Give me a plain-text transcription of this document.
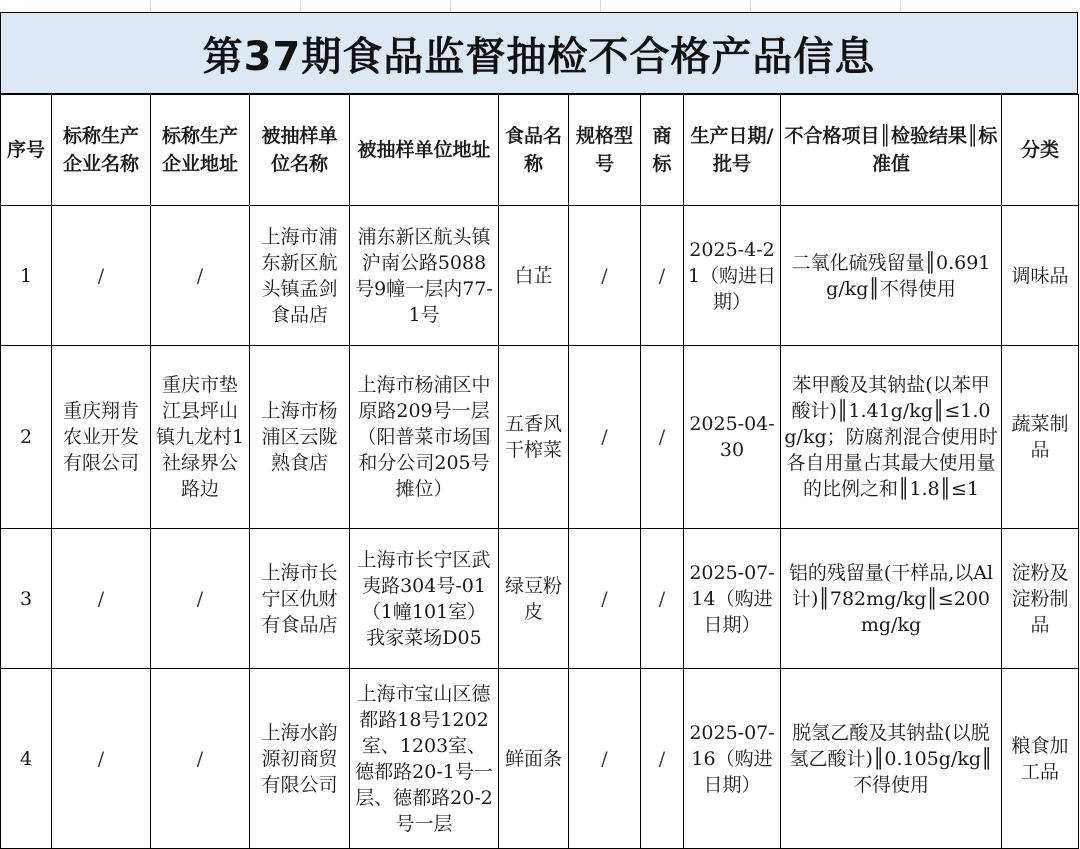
第37期食品监督抽检不合格产品信息
序号	标称生产企业名称	标称生产企业地址	被抽样单位名称	被抽样单位地址	食品名称	规格型号	商标	生产日期/批号	不合格项目║检验结果║标准值	分类
1	/	/	上海市浦东新区航头镇孟剑食品店	浦东新区航头镇沪南公路5088号9幢一层内77-1号	白芷	/	/	2025-4-21（购进日期）	二氧化硫残留量║0.691g/kg║不得使用	调味品
2	重庆翔肯农业开发有限公司	重庆市垫江县坪山镇九龙村1社绿界公路边	上海市杨浦区云陇熟食店	上海市杨浦区中原路209号一层（阳普菜市场国和分公司205号摊位）	五香风干榨菜	/	/	2025-04-30	苯甲酸及其钠盐(以苯甲酸计)║1.41g/kg║≤1.0g/kg；防腐剂混合使用时各自用量占其最大使用量的比例之和║1.8║≤1	蔬菜制品
3	/	/	上海市长宁区仇财有食品店	上海市长宁区武夷路304号-01（1幢101室）我家菜场D05	绿豆粉皮	/	/	2025-07-14（购进日期）	铝的残留量(干样品,以Al计)║782mg/kg║≤200mg/kg	淀粉及淀粉制品
4	/	/	上海水韵源初商贸有限公司	上海市宝山区德都路18号1202室、1203室、德都路20-1号一层、德都路20-2号一层	鲜面条	/	/	2025-07-16（购进日期）	脱氢乙酸及其钠盐(以脱氢乙酸计)║0.105g/kg║不得使用	粮食加工品
